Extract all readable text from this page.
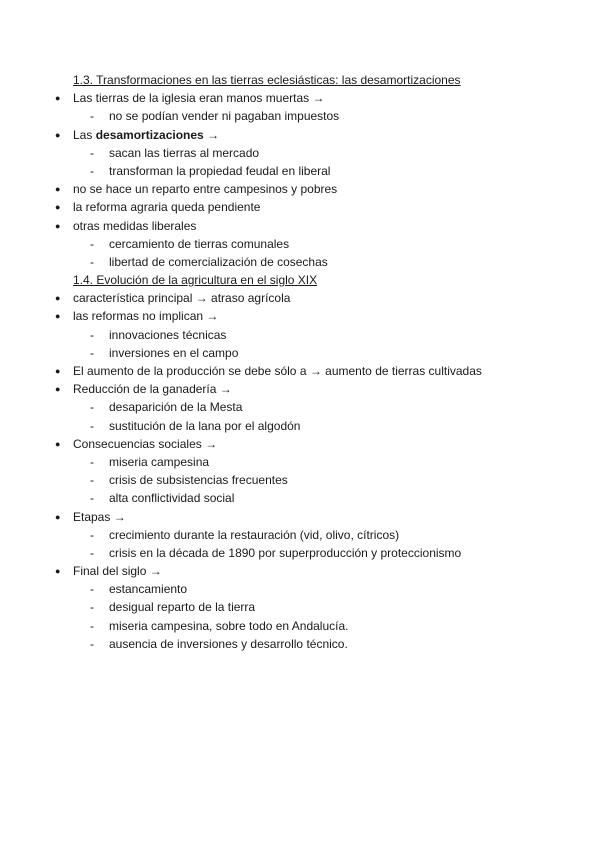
1.3. Transformaciones en las tierras eclesiásticas: las desamortizaciones
● Las tierras de la iglesia eran manos muertas →
- no se podían vender ni pagaban impuestos
● Las desamortizaciones →
- sacan las tierras al mercado
- transforman la propiedad feudal en liberal
● no se hace un reparto entre campesinos y pobres
● la reforma agraria queda pendiente
● otras medidas liberales
- cercamiento de tierras comunales
- libertad de comercialización de cosechas
1.4. Evolución de la agricultura en el siglo XIX
● característica principal → atraso agrícola
● las reformas no implican →
- innovaciones técnicas
- inversiones en el campo
● El aumento de la producción se debe sólo a → aumento de tierras cultivadas
● Reducción de la ganadería →
- desaparición de la Mesta
- sustitución de la lana por el algodón
● Consecuencias sociales →
- miseria campesina
- crisis de subsistencias frecuentes
- alta conflictividad social
● Etapas →
- crecimiento durante la restauración (vid, olivo, cítricos)
- crisis en la década de 1890 por superproducción y proteccionismo
● Final del siglo →
- estancamiento
- desigual reparto de la tierra
- miseria campesina, sobre todo en Andalucía.
- ausencia de inversiones y desarrollo técnico.
